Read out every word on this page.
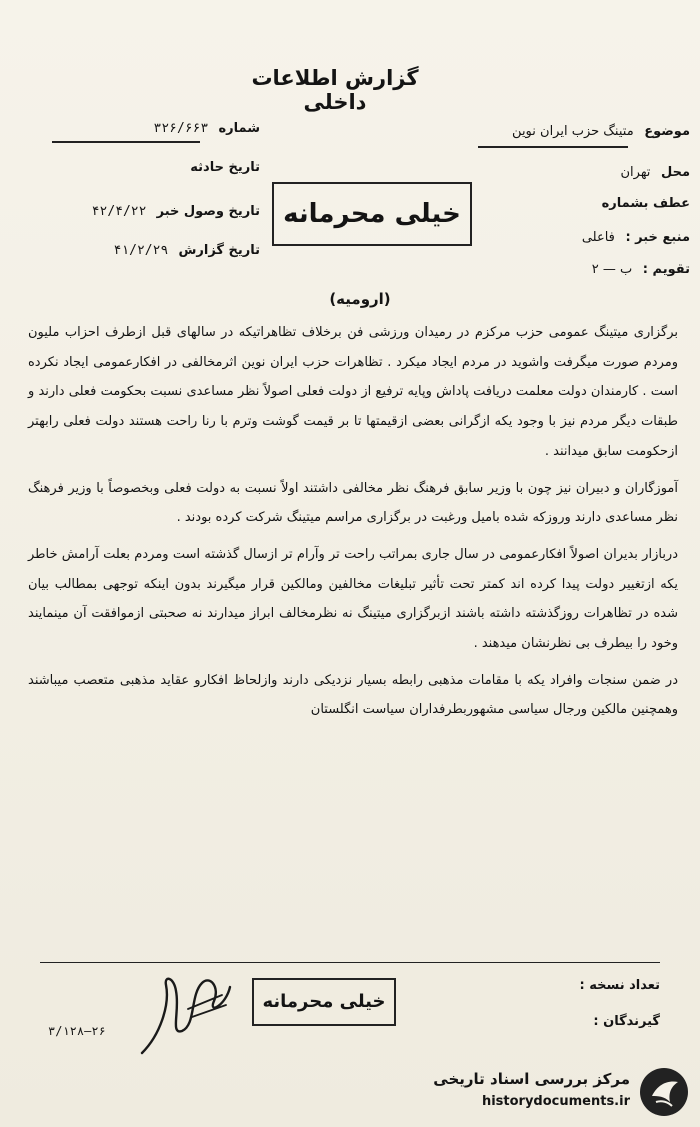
گزارش اطلاعات داخلی
موضوع متینگ حزب ایران نوین
محل تهران
عطف بشماره
منبع خبر : فاعلی
تقویم : ب — ۲
شماره ۳۲۶/۶۶۳
تاریخ حادثه
تاریخ وصول خبر ۴۲/۴/۲۲
تاریخ گزارش ۴۱/۲/۲۹
خیلی محرمانه
(ارومیه)

برگزاری میتینگ عمومی حزب مرکزم در رمیدان ورزشی فن برخلاف تظاهراتیکه در سالهای قبل ازطرف احزاب ملیون ومردم صورت میگرفت واشوید در مردم ایجاد میکرد . تظاهرات حزب ایران نوین اثرمخالفی در افکارعمومی ایجاد نکرده است . کارمندان دولت معلمت دریافت پاداش وپایه ترفیع از دولت فعلی اصولاً نظر مساعدی نسبت بحکومت فعلی دارند و طبقات دیگر مردم نیز با وجود یکه ازگرانی بعضی ازقیمتها تا بر قیمت گوشت وترم با رنا راحت هستند دولت فعلی رابهتر ازحکومت سابق میدانند .

آموزگاران و دبیران نیز چون با وزیر سابق فرهنگ نظر مخالفی داشتند اولاً نسبت به دولت فعلی وبخصوصاً با وزیر فرهنگ نظر مساعدی دارند وروزکه شده باميل ورغبت در برگزاری مراسم میتینگ شرکت کرده بودند .

دربازار بدیران اصولاً افکارعمومی در سال جاری بمراتب راحت تر وآرام تر ازسال گذشته است ومردم بعلت آرامش خاطر یکه ازتغییر دولت پیدا کرده اند کمتر تحت تأثیر تبلیغات مخالفین ومالکین قرار میگیرند بدون اینکه توجهی بمطالب بیان شده در تظاهرات روزگذشته داشته باشند ازبرگزاری میتینگ نه نظرمخالف ابراز میدارند نه صحبتی ازموافقت آن مینمایند وخود را بیطرف بی نظرنشان میدهند .

در ضمن سنجات وافراد یکه با مقامات مذهبی رابطه بسیار نزدیکی دارند وازلحاظ افکارو عقاید مذهبی متعصب میباشند وهمچنین مالکین ورجال سیاسی مشهوربطرفداران سیاست انگلستان

تعداد نسخه :
گیرندگان :
خیلی محرمانه
۳/۱۲۸—۲۶
مرکز بررسی اسناد تاریخی
historydocuments.ir
